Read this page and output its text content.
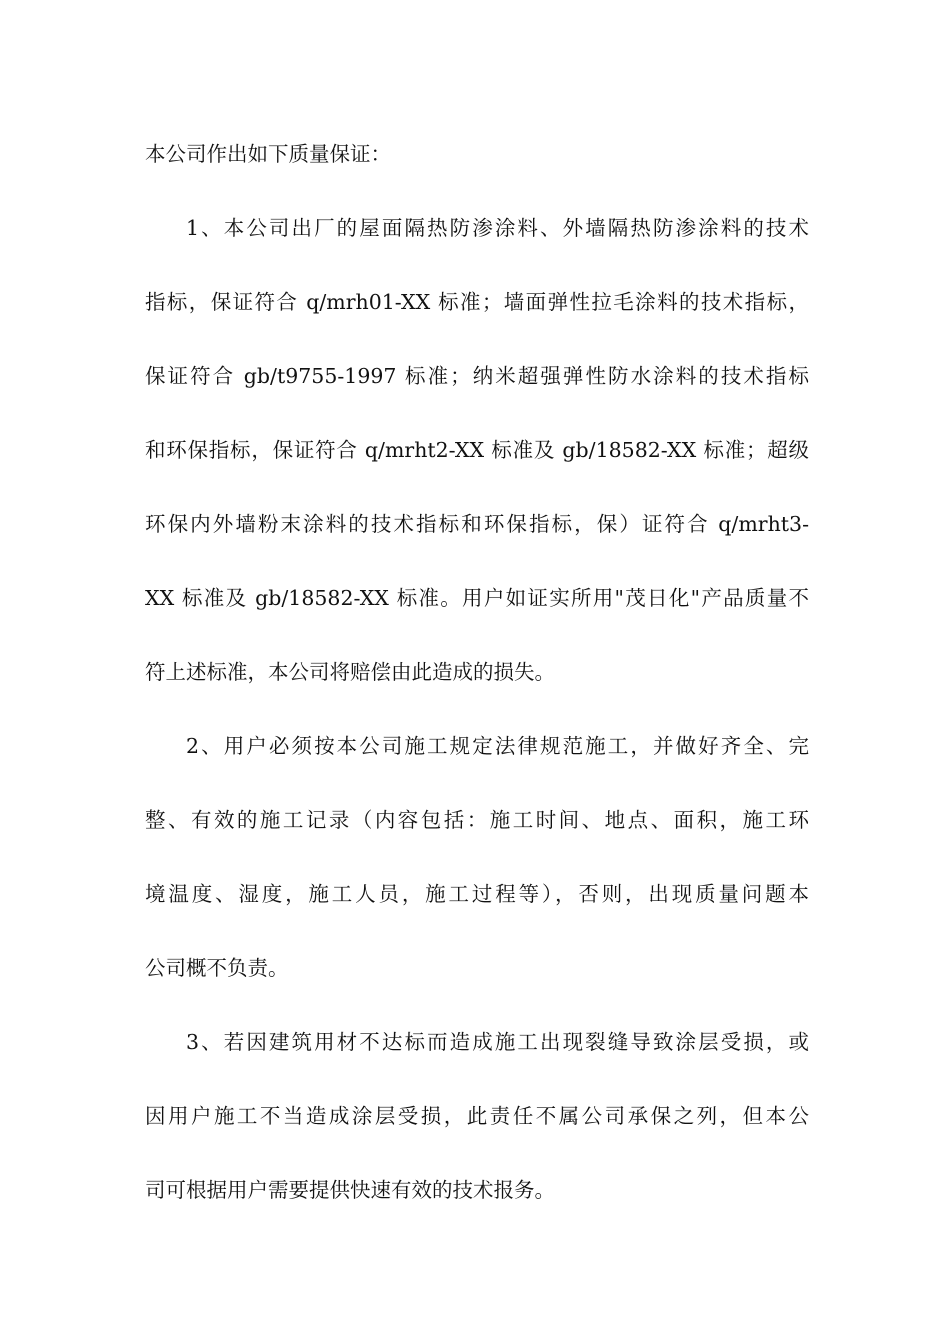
本公司作出如下质量保证：
1、本公司出厂的屋面隔热防渗涂料、外墙隔热防渗涂料的技术
指标，保证符合 q/mrh01-XX 标准；墙面弹性拉毛涂料的技术指标，
保证符合 gb/t9755-1997 标准；纳米超强弹性防水涂料的技术指标
和环保指标，保证符合 q/mrht2-XX 标准及 gb/18582-XX 标准；超级
环保内外墙粉末涂料的技术指标和环保指标，保）证符合 q/mrht3-
XX 标准及 gb/18582-XX 标准。用户如证实所用"茂日化"产品质量不
符上述标准，本公司将赔偿由此造成的损失。
2、用户必须按本公司施工规定法律规范施工，并做好齐全、完
整、有效的施工记录（内容包括：施工时间、地点、面积，施工环
境温度、湿度，施工人员，施工过程等），否则，出现质量问题本
公司概不负责。
3、若因建筑用材不达标而造成施工出现裂缝导致涂层受损，或
因用户施工不当造成涂层受损，此责任不属公司承保之列，但本公
司可根据用户需要提供快速有效的技术报务。
